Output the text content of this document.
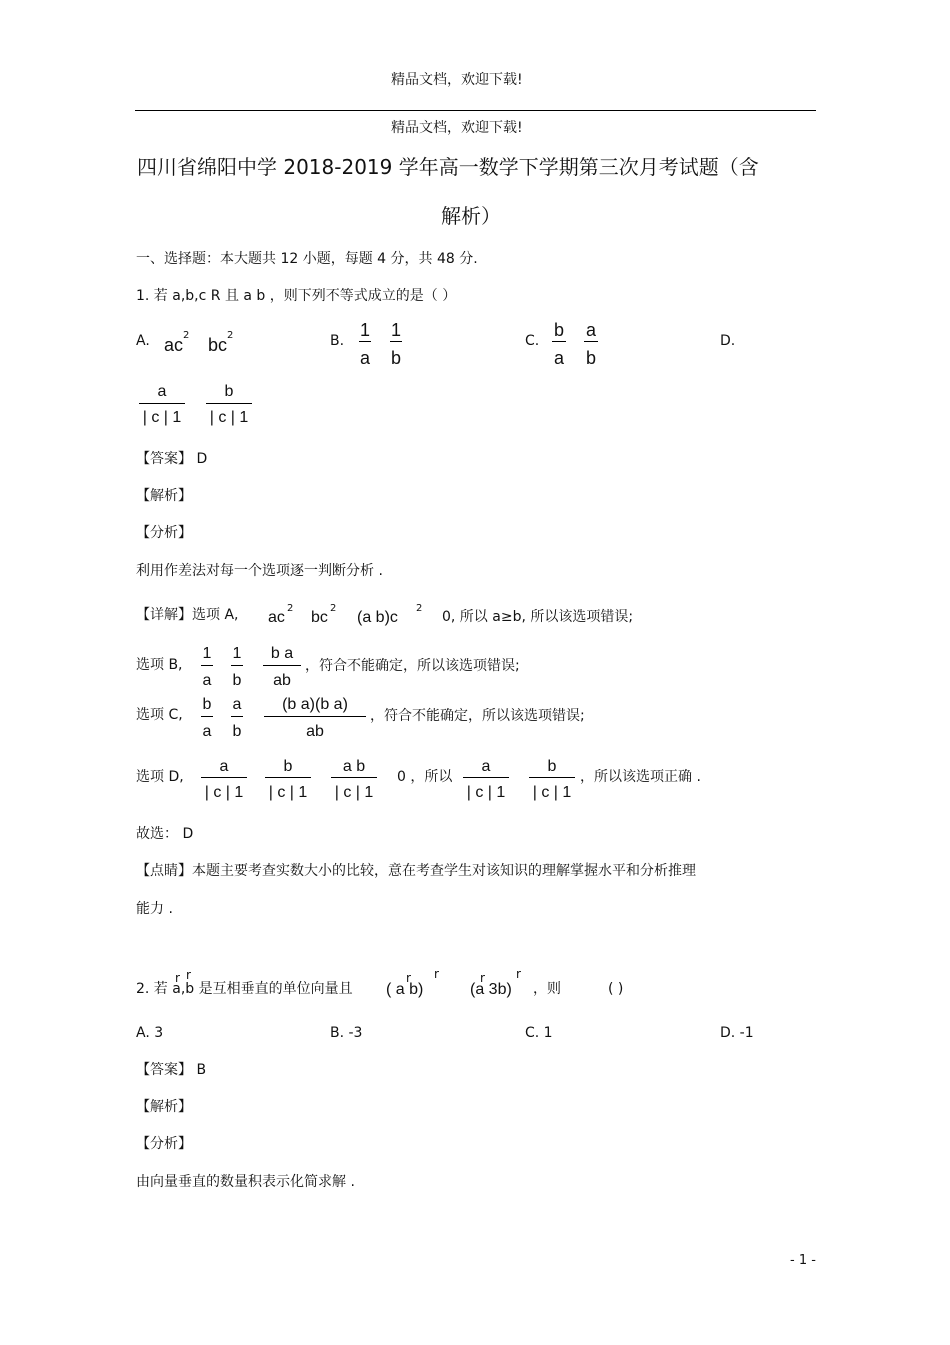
精品文档，欢迎下载!
精品文档，欢迎下载!
四川省绵阳中学 2018-2019 学年高一数学下学期第三次月考试题（含
解析）
一、选择题：本大题共 12 小题，每题 4 分，共 48 分.
1. 若 a,b,c R 且 a b ，则下列不等式成立的是（ ）
A. ac 2 bc 2	B.
1
a
1
b
C.
b
a
a
b
D.
a
| c | 1
b
| c | 1
【答案】 D
【解析】
【分析】
利用作差法对每一个选项逐一判断分析 .
【详解】选项 A, ac
2
bc
2
(a b)c
2
0, 所以 a≥b, 所以该选项错误;
选项 B,
1
a
1
b
b a
ab
，符合不能确定，所以该选项错误;
选项 C,
b
a
a
b
(b a)(b a)
ab
，符合不能确定，所以该选项错误;
选项 D,
a
| c | 1
b
| c | 1
a b
| c | 1
0 ，所以
a
| c | 1
b
| c | 1
，所以该选项正确 .
故选： D
【点睛】本题主要考查实数大小的比较，意在考查学生对该知识的理解掌握水平和分析推理
能力 .
r r
2. 若 a,b 是互相垂直的单位向量且
r r
( a b)
r	r
(a 3b) ，则	( )
A. 3	B. -3	C. 1	D. -1
【答案】 B
【解析】
【分析】
由向量垂直的数量积表示化简求解 .
- 1 -
